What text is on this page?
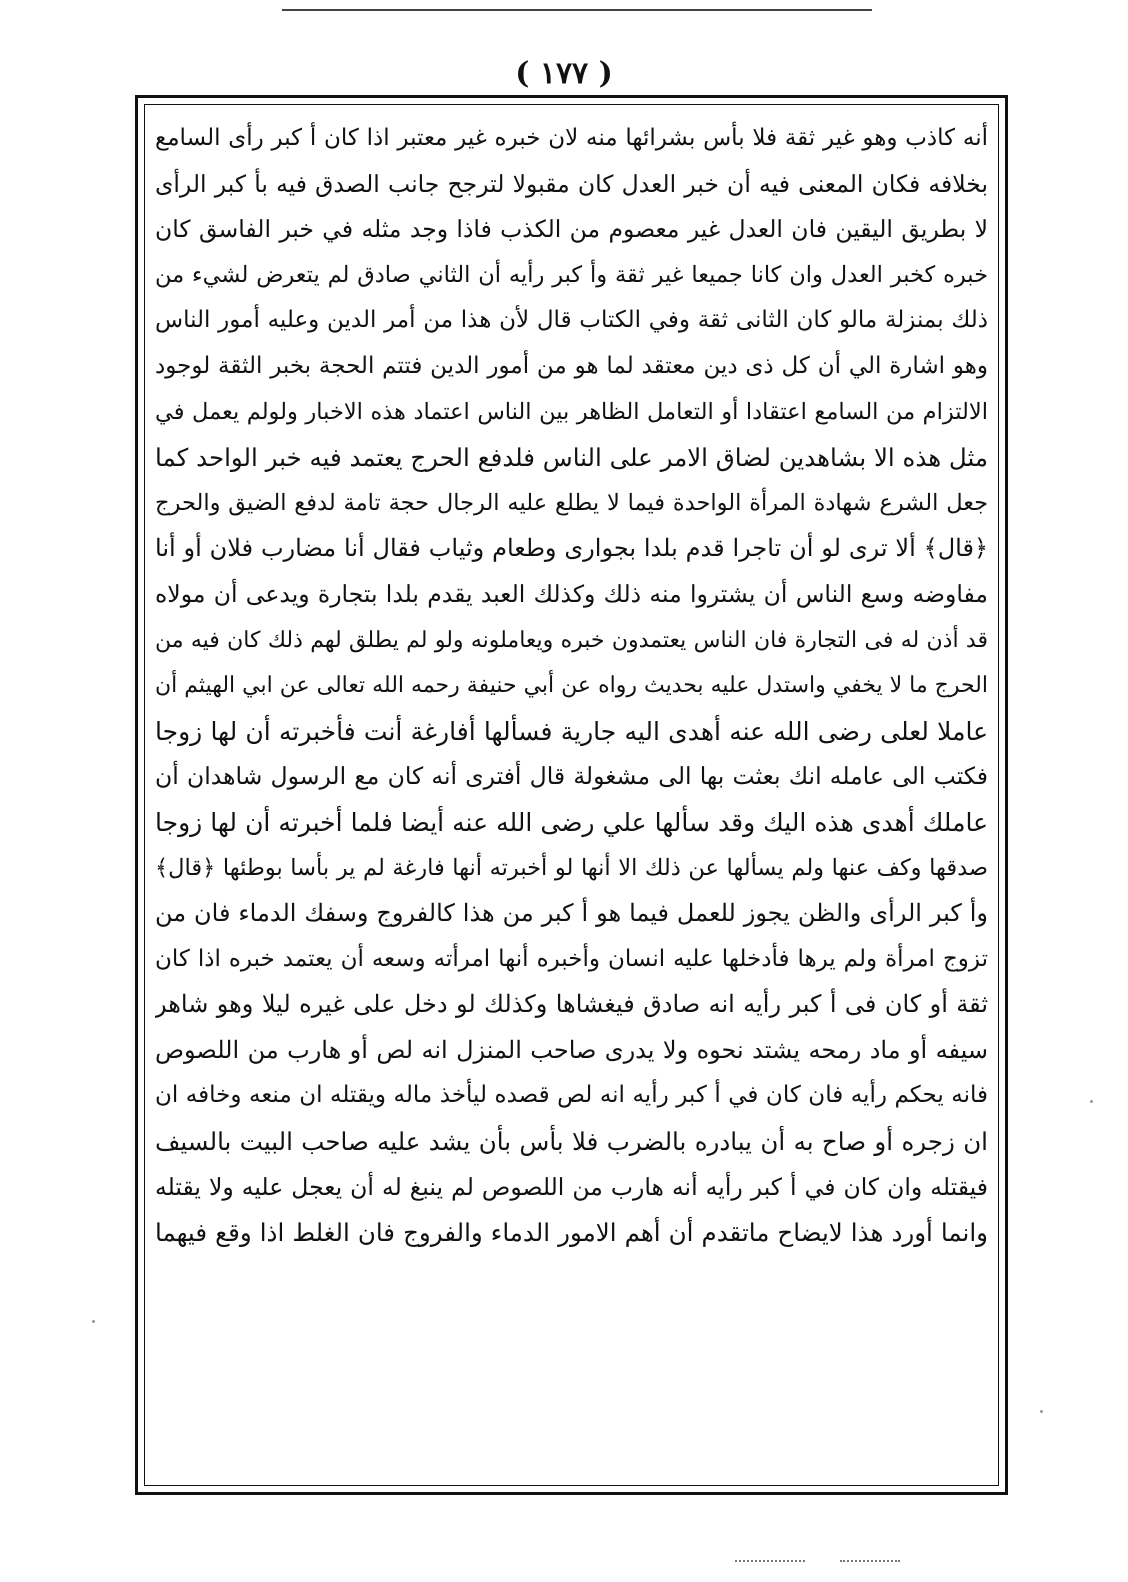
( ١٧٧ )
أنه كاذب وهو غير ثقة فلا بأس بشرائها منه لان خبره غير معتبر اذا كان أ كبر رأى السامع
بخلافه فكان المعنى فيه أن خبر العدل كان مقبولا لترجح جانب الصدق فيه بأ كبر الرأى
لا بطريق اليقين فان العدل غير معصوم من الكذب فاذا وجد مثله في خبر الفاسق كان
خبره كخبر العدل وان كانا جميعا غير ثقة وأ كبر رأيه أن الثاني صادق لم يتعرض لشيء من
ذلك بمنزلة مالو كان الثانى ثقة وفي الكتاب قال لأن هذا من أمر الدين وعليه أمور الناس
وهو اشارة الي أن كل ذى دين معتقد لما هو من أمور الدين فتتم الحجة بخبر الثقة لوجود
الالتزام من السامع اعتقادا أو التعامل الظاهر بين الناس اعتماد هذه الاخبار ولولم يعمل في
مثل هذه الا بشاهدين لضاق الامر على الناس فلدفع الحرج يعتمد فيه خبر الواحد كما
جعل الشرع شهادة المرأة الواحدة فيما لا يطلع عليه الرجال حجة تامة لدفع الضيق والحرج
﴿قال﴾ ألا ترى لو أن تاجرا قدم بلدا بجوارى وطعام وثياب فقال أنا مضارب فلان أو أنا
مفاوضه وسع الناس أن يشتروا منه ذلك وكذلك العبد يقدم بلدا بتجارة ويدعى أن مولاه
قد أذن له فى التجارة فان الناس يعتمدون خبره ويعاملونه ولو لم يطلق لهم ذلك كان فيه من
الحرج ما لا يخفي واستدل عليه بحديث رواه عن أبي حنيفة رحمه الله تعالى عن ابي الهيثم أن
عاملا لعلى رضى الله عنه أهدى اليه جارية فسألها أفارغة أنت فأخبرته أن لها زوجا
فكتب الى عامله انك بعثت بها الى مشغولة قال أفترى أنه كان مع الرسول شاهدان أن
عاملك أهدى هذه اليك وقد سألها علي رضى الله عنه أيضا فلما أخبرته أن لها زوجا
صدقها وكف عنها ولم يسألها عن ذلك الا أنها لو أخبرته أنها فارغة لم ير بأسا بوطئها ﴿قال﴾
وأ كبر الرأى والظن يجوز للعمل فيما هو أ كبر من هذا كالفروج وسفك الدماء فان من
تزوج امرأة ولم يرها فأدخلها عليه انسان وأخبره أنها امرأته وسعه أن يعتمد خبره اذا كان
ثقة أو كان فى أ كبر رأيه انه صادق فيغشاها وكذلك لو دخل على غيره ليلا وهو شاهر
سيفه أو ماد رمحه يشتد نحوه ولا يدرى صاحب المنزل انه لص أو هارب من اللصوص
فانه يحكم رأيه فان كان في أ كبر رأيه انه لص قصده ليأخذ ماله ويقتله ان منعه وخافه ان
ان زجره أو صاح به أن يبادره بالضرب فلا بأس بأن يشد عليه صاحب البيت بالسيف
فيقتله وان كان في أ كبر رأيه أنه هارب من اللصوص لم ينبغ له أن يعجل عليه ولا يقتله
وانما أورد هذا لايضاح ماتقدم أن أهم الامور الدماء والفروج فان الغلط اذا وقع فيهما
